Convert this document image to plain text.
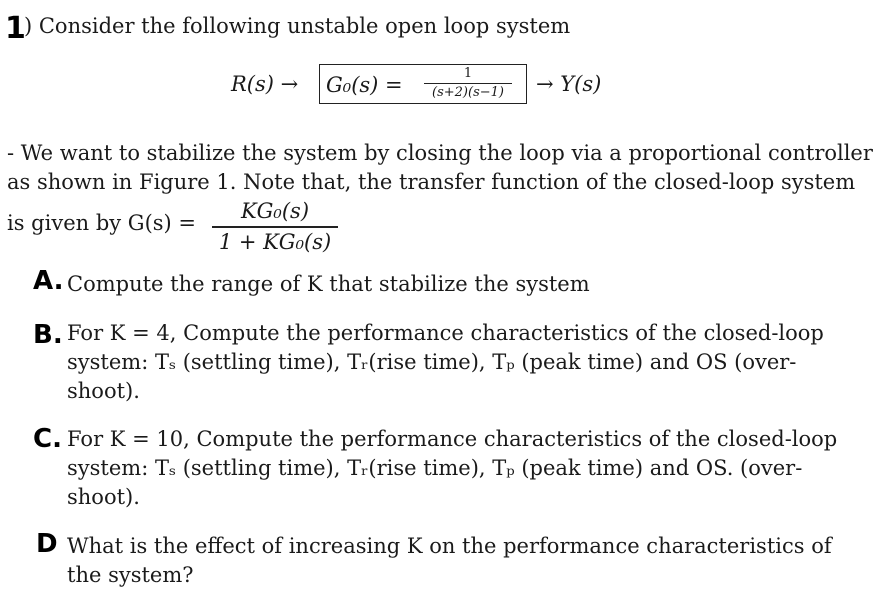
1
) Consider the following unstable open loop system
R(s) → G₀(s) =	1
(s+2)(s−1)	→ Y(s)
- We want to stabilize the system by closing the loop via a proportional controller
as shown in Figure 1. Note that, the transfer function of the closed-loop system
is given by G(s) =	KG₀(s)
1 + KG₀(s)
A. Compute the range of K that stabilize the system
B. For K = 4, Compute the performance characteristics of the closed-loop
system: Tₛ (settling time), Tᵣ(rise time), Tₚ (peak time) and OS (over-
shoot).
C. For K = 10, Compute the performance characteristics of the closed-loop
system: Tₛ (settling time), Tᵣ(rise time), Tₚ (peak time) and OS. (over-
shoot).
D What is the effect of increasing K on the performance characteristics of
the system?
